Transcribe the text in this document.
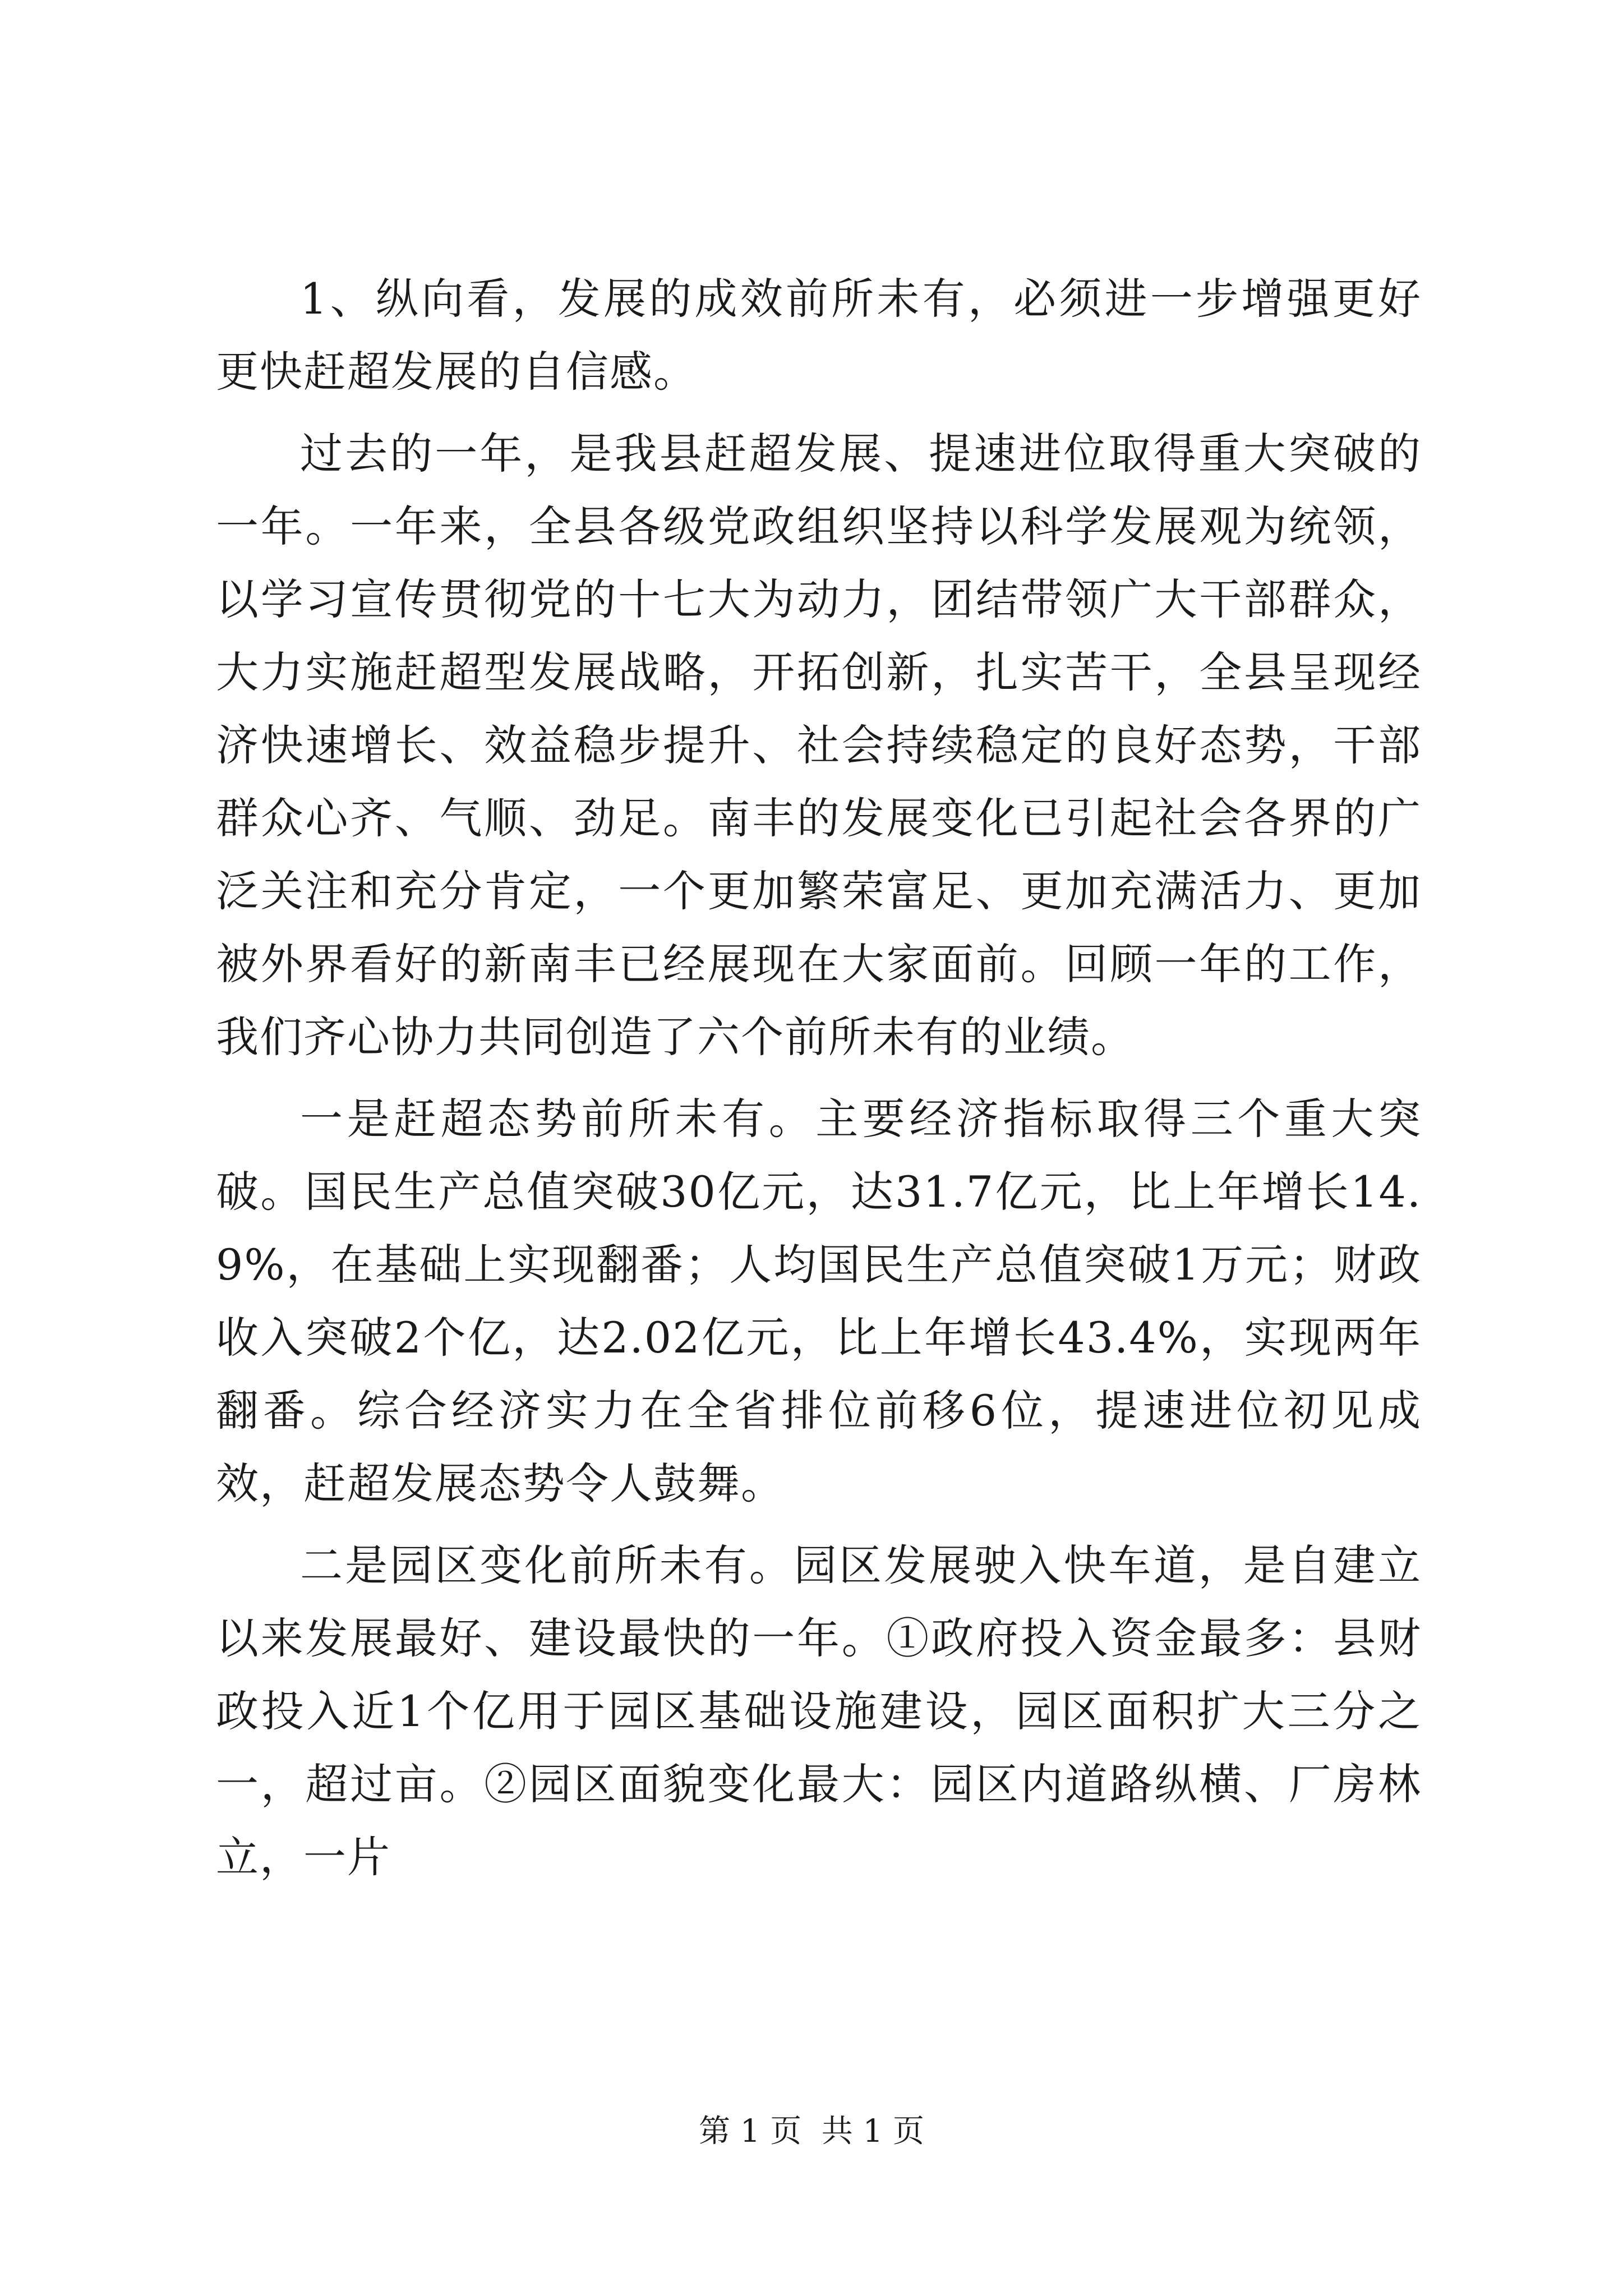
1、纵向看，发展的成效前所未有，必须进一步增强更好更快赶超发展的自信感。

过去的一年，是我县赶超发展、提速进位取得重大突破的一年。一年来，全县各级党政组织坚持以科学发展观为统领，以学习宣传贯彻党的十七大为动力，团结带领广大干部群众，大力实施赶超型发展战略，开拓创新，扎实苦干，全县呈现经济快速增长、效益稳步提升、社会持续稳定的良好态势，干部群众心齐、气顺、劲足。南丰的发展变化已引起社会各界的广泛关注和充分肯定，一个更加繁荣富足、更加充满活力、更加被外界看好的新南丰已经展现在大家面前。回顾一年的工作，我们齐心协力共同创造了六个前所未有的业绩。

一是赶超态势前所未有。主要经济指标取得三个重大突破。国民生产总值突破30亿元，达31.7亿元，比上年增长14.9%，在基础上实现翻番；人均国民生产总值突破1万元；财政收入突破2个亿，达2.02亿元，比上年增长43.4%，实现两年翻番。综合经济实力在全省排位前移6位，提速进位初见成效，赶超发展态势令人鼓舞。

二是园区变化前所未有。园区发展驶入快车道，是自建立以来发展最好、建设最快的一年。①政府投入资金最多：县财政投入近1个亿用于园区基础设施建设，园区面积扩大三分之一，超过亩。②园区面貌变化最大：园区内道路纵横、厂房林立，一片

第 1 页  共 1 页
